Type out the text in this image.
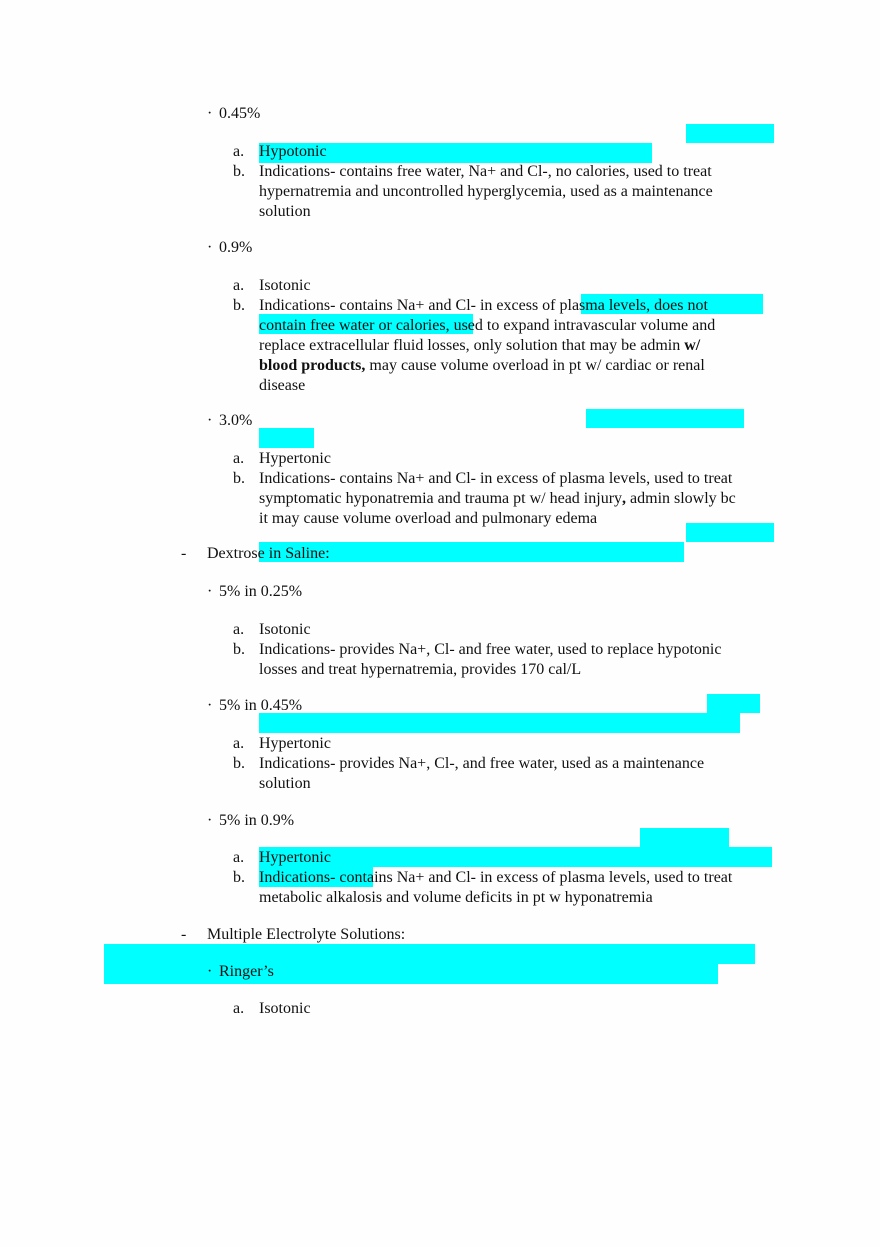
· 0.45%
a. Hypotonic
b. Indications- contains free water, Na+ and Cl-, no calories, used to treat
hypernatremia and uncontrolled hyperglycemia, used as a maintenance
solution
· 0.9%
a. Isotonic
b. Indications- contains Na+ and Cl- in excess of plasma levels, does not
contain free water or calories, used to expand intravascular volume and
replace extracellular fluid losses, only solution that may be admin w/
blood products, may cause volume overload in pt w/ cardiac or renal
disease
· 3.0%
a. Hypertonic
b. Indications- contains Na+ and Cl- in excess of plasma levels, used to treat
symptomatic hyponatremia and trauma pt w/ head injury, admin slowly bc
it may cause volume overload and pulmonary edema
- Dextrose in Saline:
· 5% in 0.25%
a. Isotonic
b. Indications- provides Na+, Cl- and free water, used to replace hypotonic
losses and treat hypernatremia, provides 170 cal/L
· 5% in 0.45%
a. Hypertonic
b. Indications- provides Na+, Cl-, and free water, used as a maintenance
solution
· 5% in 0.9%
a. Hypertonic
b. Indications- contains Na+ and Cl- in excess of plasma levels, used to treat
metabolic alkalosis and volume deficits in pt w hyponatremia
- Multiple Electrolyte Solutions:
· Ringer’s
a. Isotonic
